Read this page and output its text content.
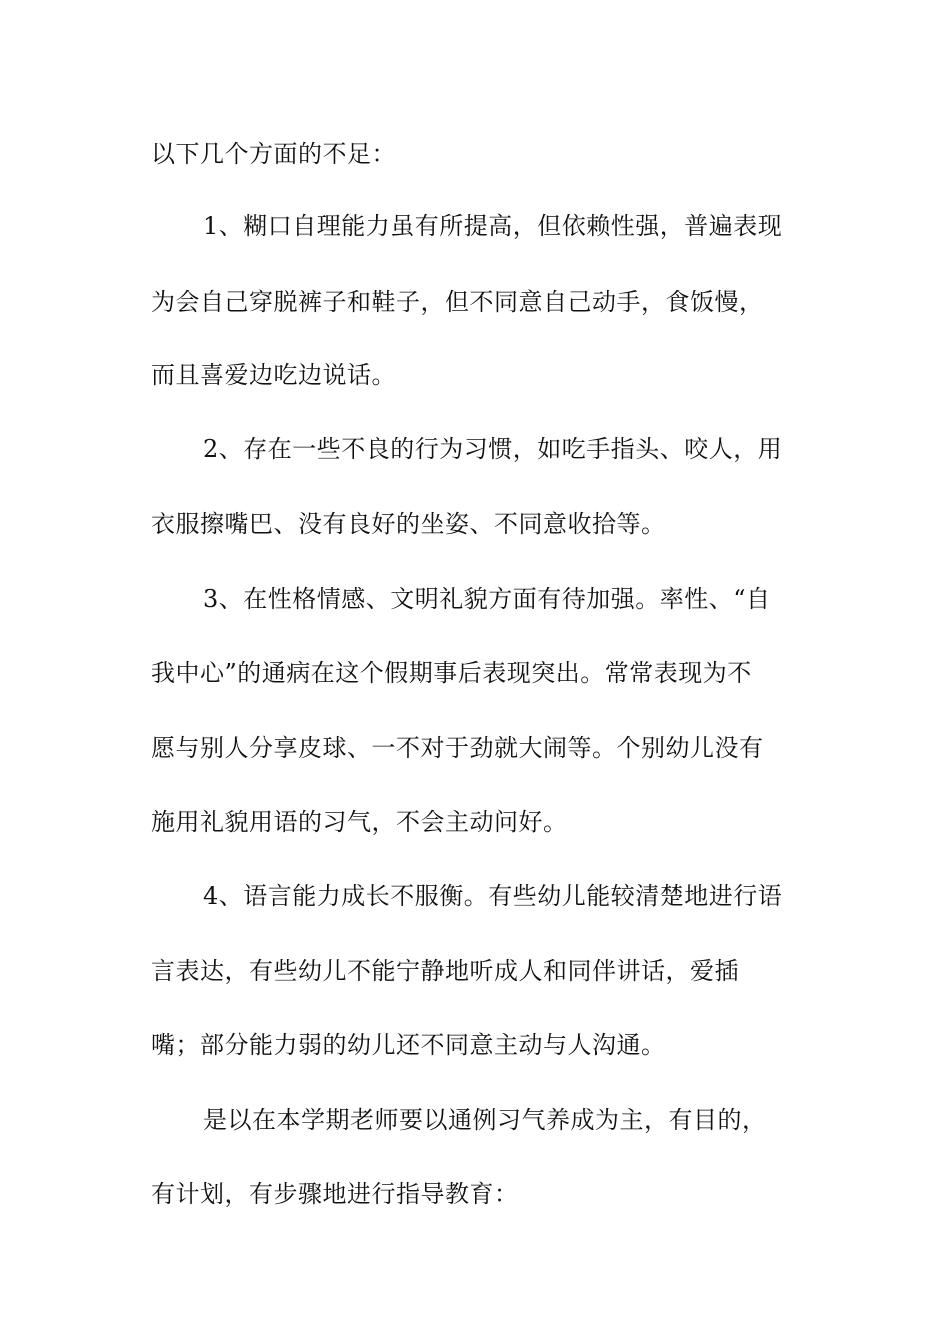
以下几个方面的不足：
1、糊口自理能力虽有所提高，但依赖性强，普遍表现
为会自己穿脱裤子和鞋子，但不同意自己动手，食饭慢，
而且喜爱边吃边说话。
2、存在一些不良的行为习惯，如吃手指头、咬人，用
衣服擦嘴巴、没有良好的坐姿、不同意收拾等。
3、在性格情感、文明礼貌方面有待加强。率性、“自
我中心”的通病在这个假期事后表现突出。常常表现为不
愿与别人分享皮球、一不对于劲就大闹等。个别幼儿没有
施用礼貌用语的习气，不会主动问好。
4、语言能力成长不服衡。有些幼儿能较清楚地进行语
言表达，有些幼儿不能宁静地听成人和同伴讲话，爱插
嘴；部分能力弱的幼儿还不同意主动与人沟通。
是以在本学期老师要以通例习气养成为主，有目的，
有计划，有步骤地进行指导教育：
